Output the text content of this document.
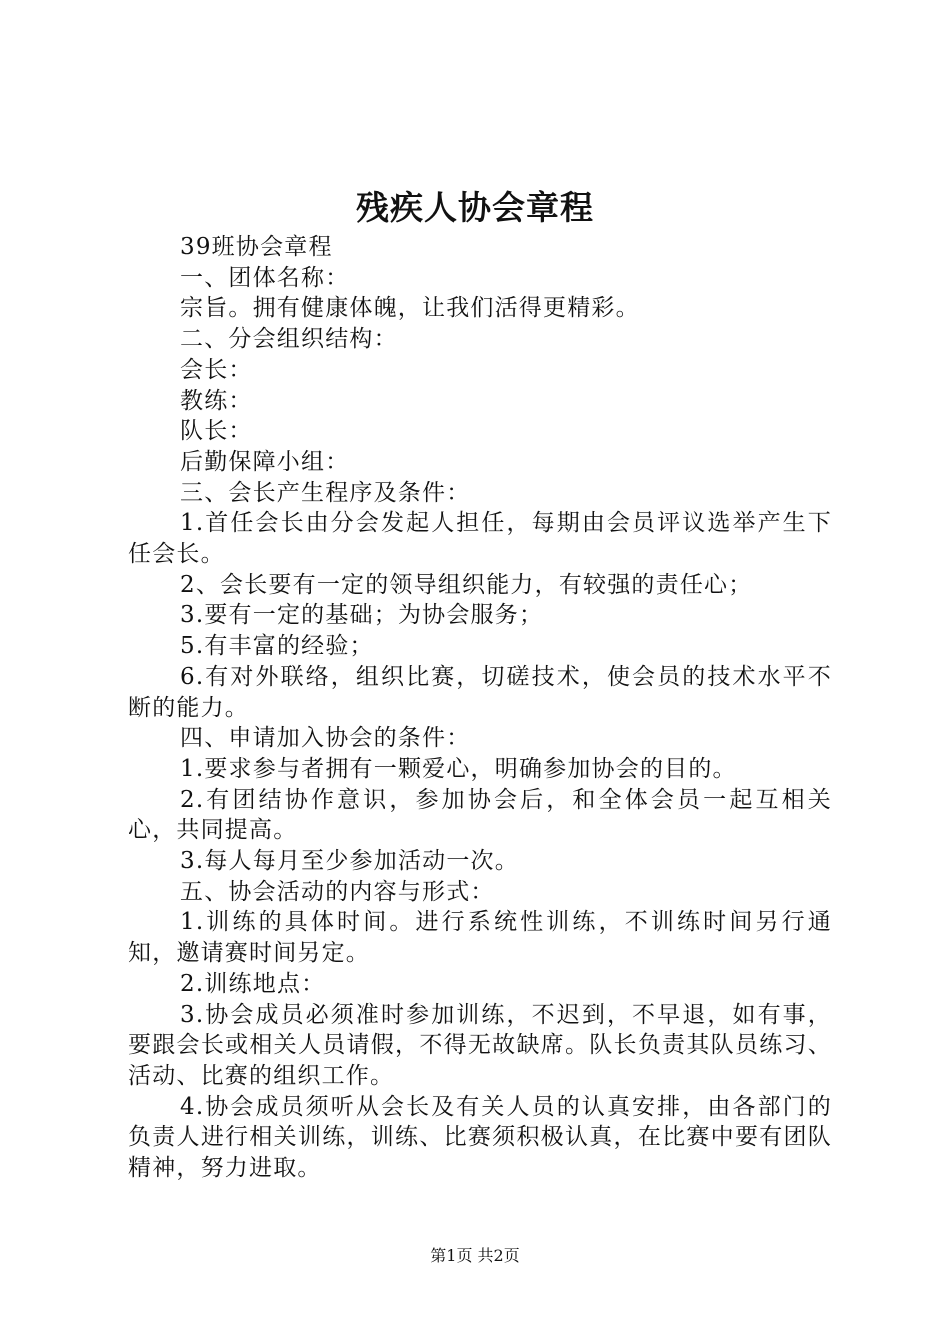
残疾人协会章程

39班协会章程

一、团体名称：

宗旨。拥有健康体魄，让我们活得更精彩。

二、分会组织结构：

会长：

教练：

队长：

后勤保障小组：

三、会长产生程序及条件：

1.首任会长由分会发起人担任，每期由会员评议选举产生下任会长。

2、会长要有一定的领导组织能力，有较强的责任心；

3.要有一定的基础；为协会服务；

5.有丰富的经验；

6.有对外联络，组织比赛，切磋技术，使会员的技术水平不断的能力。

四、申请加入协会的条件：

1.要求参与者拥有一颗爱心，明确参加协会的目的。

2.有团结协作意识，参加协会后，和全体会员一起互相关心，共同提高。

3.每人每月至少参加活动一次。

五、协会活动的内容与形式：

1.训练的具体时间。进行系统性训练，不训练时间另行通知，邀请赛时间另定。

2.训练地点：

3.协会成员必须准时参加训练，不迟到，不早退，如有事，要跟会长或相关人员请假，不得无故缺席。队长负责其队员练习、活动、比赛的组织工作。

4.协会成员须听从会长及有关人员的认真安排，由各部门的负责人进行相关训练，训练、比赛须积极认真，在比赛中要有团队精神，努力进取。

第1页 共2页
